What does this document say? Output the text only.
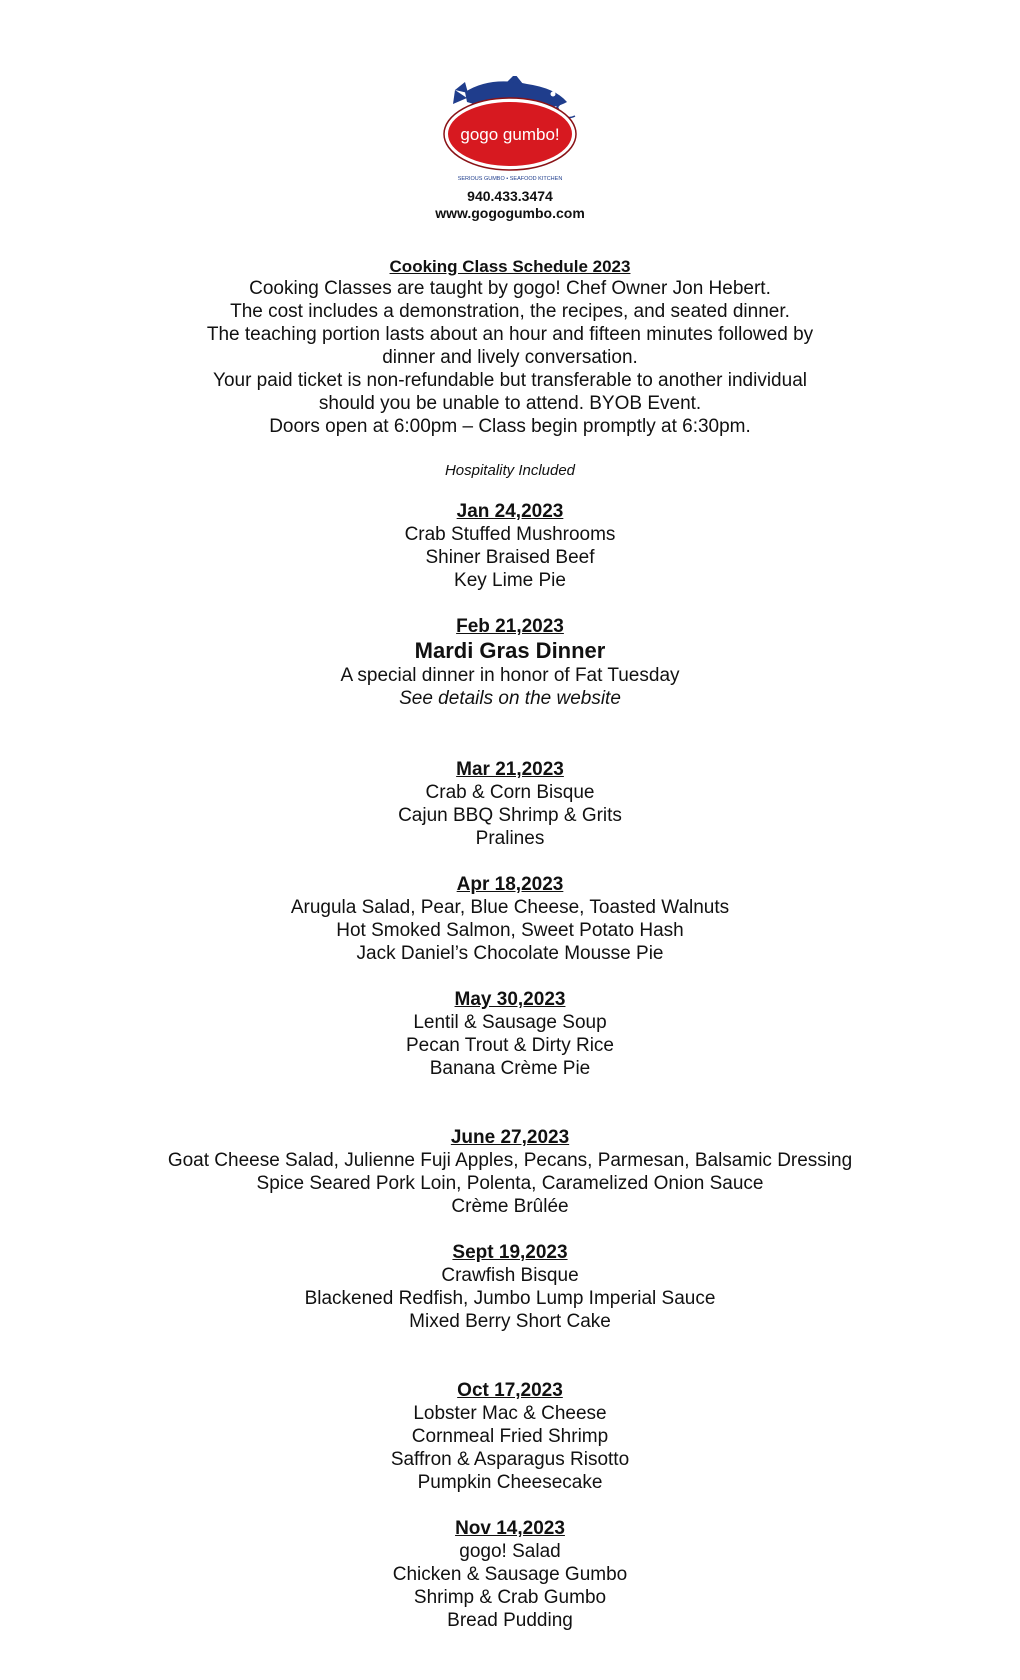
gogo gumbo!
SERIOUS GUMBO • SEAFOOD KITCHEN
940.433.3474
www.gogogumbo.com
Cooking Class Schedule 2023
Cooking Classes are taught by gogo! Chef Owner Jon Hebert.
The cost includes a demonstration, the recipes, and seated dinner.
The teaching portion lasts about an hour and fifteen minutes followed by
dinner and lively conversation.
Your paid ticket is non-refundable but transferable to another individual
should you be unable to attend. BYOB Event.
Doors open at 6:00pm – Class begin promptly at 6:30pm.
Hospitality Included
Jan 24,2023
Crab Stuffed Mushrooms
Shiner Braised Beef
Key Lime Pie
Feb 21,2023
Mardi Gras Dinner
A special dinner in honor of Fat Tuesday
See details on the website
Mar 21,2023
Crab & Corn Bisque
Cajun BBQ Shrimp & Grits
Pralines
Apr 18,2023
Arugula Salad, Pear, Blue Cheese, Toasted Walnuts
Hot Smoked Salmon, Sweet Potato Hash
Jack Daniel’s Chocolate Mousse Pie
May 30,2023
Lentil & Sausage Soup
Pecan Trout & Dirty Rice
Banana Crème Pie
June 27,2023
Goat Cheese Salad, Julienne Fuji Apples, Pecans, Parmesan, Balsamic Dressing
Spice Seared Pork Loin, Polenta, Caramelized Onion Sauce
Crème Brûlée
Sept 19,2023
Crawfish Bisque
Blackened Redfish, Jumbo Lump Imperial Sauce
Mixed Berry Short Cake
Oct 17,2023
Lobster Mac & Cheese
Cornmeal Fried Shrimp
Saffron & Asparagus Risotto
Pumpkin Cheesecake
Nov 14,2023
gogo! Salad
Chicken & Sausage Gumbo
Shrimp & Crab Gumbo
Bread Pudding
